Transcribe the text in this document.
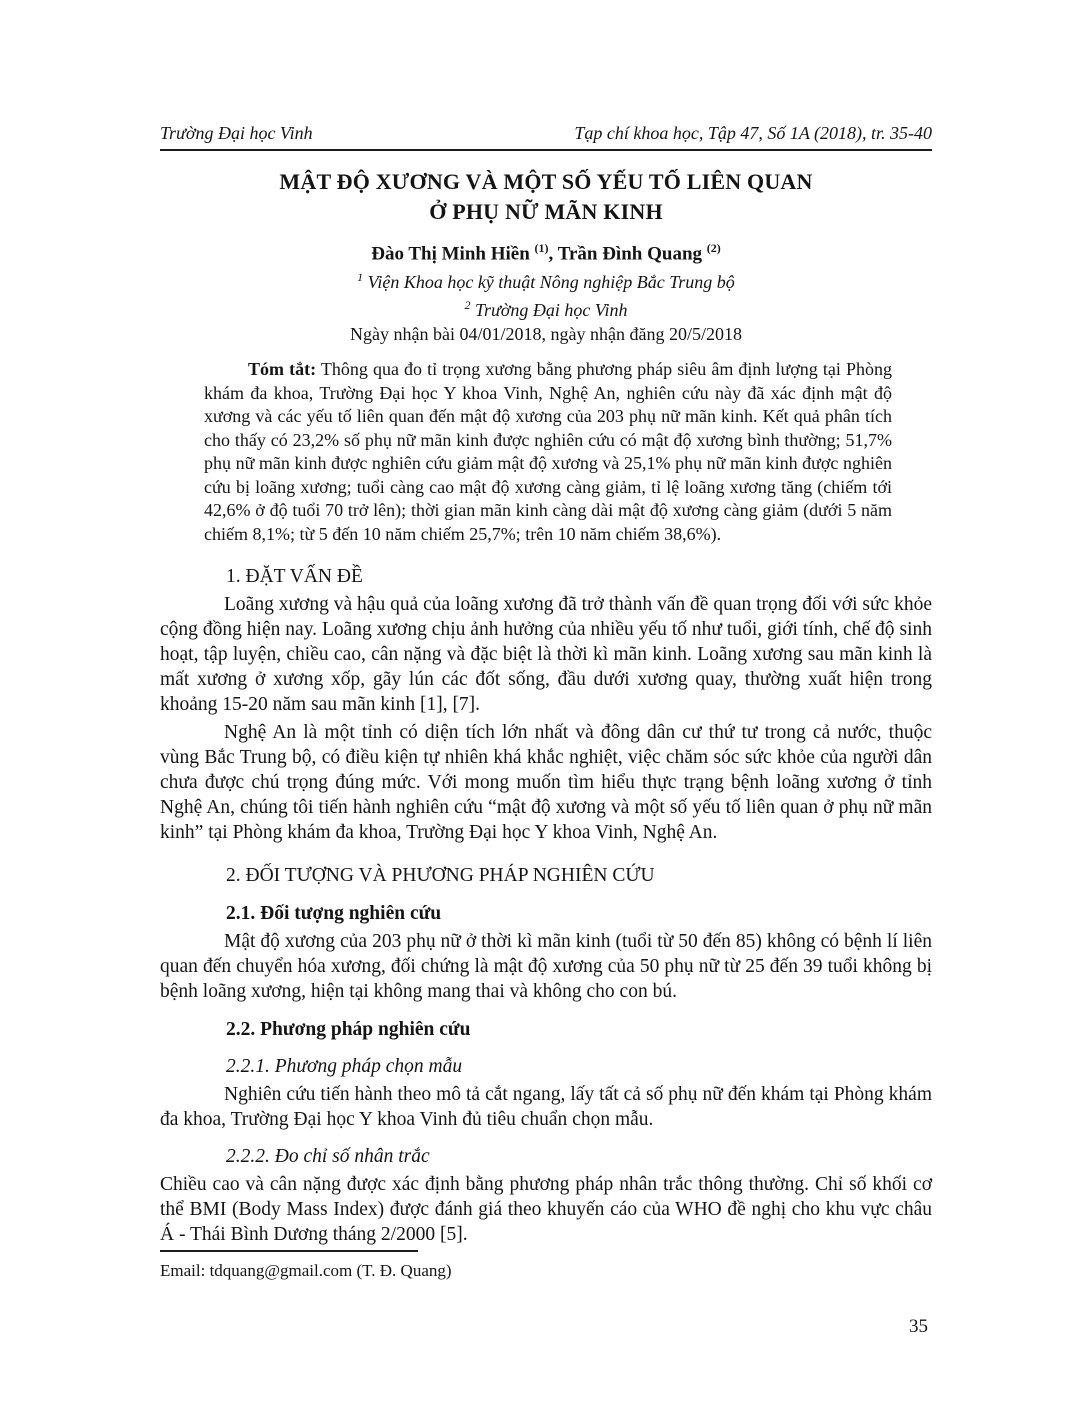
Trường Đại học Vinh	Tạp chí khoa học, Tập 47, Số 1A (2018), tr. 35-40
MẬT ĐỘ XƯƠNG VÀ MỘT SỐ YẾU TỐ LIÊN QUAN
Ở PHỤ NỮ MÃN KINH

Đào Thị Minh Hiền $^{(1)}$, Trần Đình Quang $^{(2)}$

$^1$ Viện Khoa học kỹ thuật Nông nghiệp Bắc Trung bộ

$^2$ Trường Đại học Vinh

Ngày nhận bài 04/01/2018, ngày nhận đăng 20/5/2018

Tóm tắt: Thông qua đo tỉ trọng xương bằng phương pháp siêu âm định lượng tại Phòng khám đa khoa, Trường Đại học Y khoa Vinh, Nghệ An, nghiên cứu này đã xác định mật độ xương và các yếu tố liên quan đến mật độ xương của 203 phụ nữ mãn kinh. Kết quả phân tích cho thấy có 23,2% số phụ nữ mãn kinh được nghiên cứu có mật độ xương bình thường; 51,7% phụ nữ mãn kinh được nghiên cứu giảm mật độ xương và 25,1% phụ nữ mãn kinh được nghiên cứu bị loãng xương; tuổi càng cao mật độ xương càng giảm, tỉ lệ loãng xương tăng (chiếm tới 42,6% ở độ tuổi 70 trở lên); thời gian mãn kinh càng dài mật độ xương càng giảm (dưới 5 năm chiếm 8,1%; từ 5 đến 10 năm chiếm 25,7%; trên 10 năm chiếm 38,6%).
1. ĐẶT VẤN ĐỀ

Loãng xương và hậu quả của loãng xương đã trở thành vấn đề quan trọng đối với sức khỏe cộng đồng hiện nay. Loãng xương chịu ảnh hưởng của nhiều yếu tố như tuổi, giới tính, chế độ sinh hoạt, tập luyện, chiều cao, cân nặng và đặc biệt là thời kì mãn kinh. Loãng xương sau mãn kinh là mất xương ở xương xốp, gãy lún các đốt sống, đầu dưới xương quay, thường xuất hiện trong khoảng 15-20 năm sau mãn kinh [1], [7].

Nghệ An là một tỉnh có diện tích lớn nhất và đông dân cư thứ tư trong cả nước, thuộc vùng Bắc Trung bộ, có điều kiện tự nhiên khá khắc nghiệt, việc chăm sóc sức khỏe của người dân chưa được chú trọng đúng mức. Với mong muốn tìm hiểu thực trạng bệnh loãng xương ở tỉnh Nghệ An, chúng tôi tiến hành nghiên cứu “mật độ xương và một số yếu tố liên quan ở phụ nữ mãn kinh” tại Phòng khám đa khoa, Trường Đại học Y khoa Vinh, Nghệ An.

2. ĐỐI TƯỢNG VÀ PHƯƠNG PHÁP NGHIÊN CỨU
2.1. Đối tượng nghiên cứu

Mật độ xương của 203 phụ nữ ở thời kì mãn kinh (tuổi từ 50 đến 85) không có bệnh lí liên quan đến chuyển hóa xương, đối chứng là mật độ xương của 50 phụ nữ từ 25 đến 39 tuổi không bị bệnh loãng xương, hiện tại không mang thai và không cho con bú.

2.2. Phương pháp nghiên cứu
2.2.1. Phương pháp chọn mẫu

Nghiên cứu tiến hành theo mô tả cắt ngang, lấy tất cả số phụ nữ đến khám tại Phòng khám đa khoa, Trường Đại học Y khoa Vinh đủ tiêu chuẩn chọn mẫu.

2.2.2. Đo chỉ số nhân trắc

Chiều cao và cân nặng được xác định bằng phương pháp nhân trắc thông thường. Chỉ số khối cơ thể BMI (Body Mass Index) được đánh giá theo khuyến cáo của WHO đề nghị cho khu vực châu Á - Thái Bình Dương tháng 2/2000 [5].

Email: tdquang@gmail.com (T. Đ. Quang)

35
